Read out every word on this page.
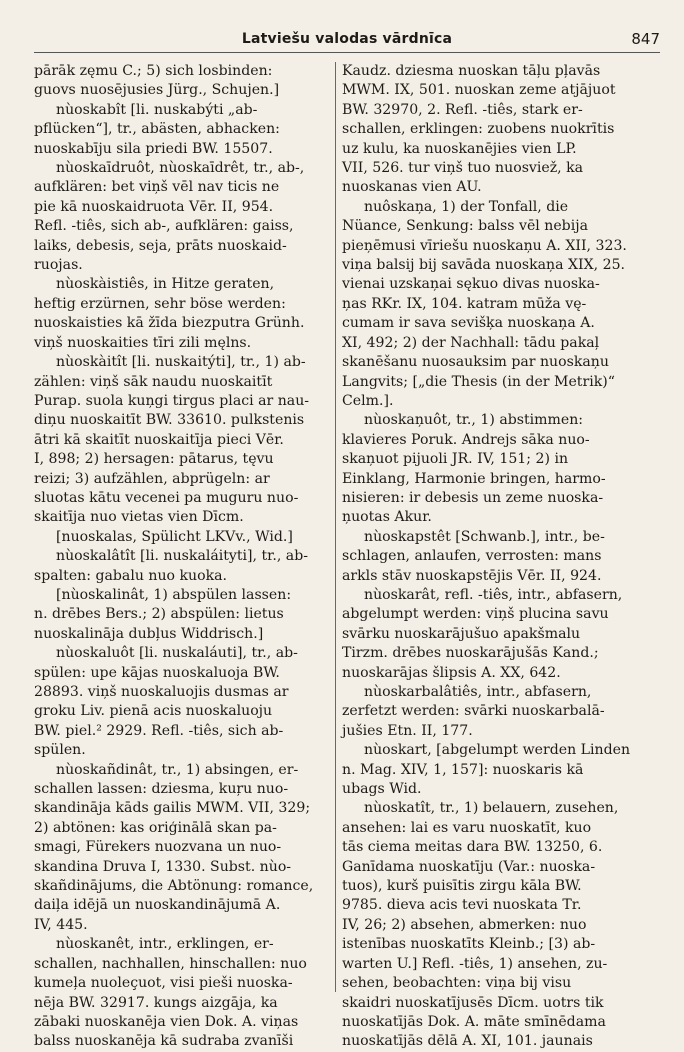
Latviešu valodas vārdnīca	847
pārāk zęmu C.; 5) sich losbinden:
guovs nuosējusies Jürg., Schujen.]
nùoskabît [li. nuskabýti „ab-
pflücken“], tr., abästen, abhacken:
nuoskabīju sila priedi BW. 15507.
nùoskaīdruôt, nùoskaīdrêt, tr., ab-,
aufklären: bet viņš vēl nav ticis ne
pie kā nuoskaidruota Vēr. II, 954.
Refl. -tiês, sich ab-, aufklären: gaiss,
laiks, debesis, seja, prāts nuoskaid-
ruojas.
nùoskàistiês, in Hitze geraten,
heftig erzürnen, sehr böse werden:
nuoskaisties kā žīda biezputra Grünh.
viņš nuoskaities tīri zili męlns.
nùoskàitît [li. nuskaitýti], tr., 1) ab-
zählen: viņš sāk naudu nuoskaitīt
Purap. suola kuņgi tirgus placi ar nau-
diņu nuoskaitīt BW. 33610. pulkstenis
ātri kā skaitīt nuoskaitīja pieci Vēr.
I, 898; 2) hersagen: pātarus, tęvu
reizi; 3) aufzählen, abprügeln: ar
sluotas kātu vecenei pa muguru nuo-
skaitīja nuo vietas vien Dīcm.
[nuoskalas, Spülicht LKVv., Wid.]
nùoskalâtît [li. nuskaláityti], tr., ab-
spalten: gabalu nuo kuoka.
[nùoskalinât, 1) abspülen lassen:
n. drēbes Bers.; 2) abspülen: lietus
nuoskalināja dubļus Widdrisch.]
nùoskaluôt [li. nuskaláuti], tr., ab-
spülen: upe kājas nuoskaluoja BW.
28893. viņš nuoskaluojis dusmas ar
groku Liv. pienā acis nuoskaluoju
BW. piel.² 2929. Refl. -tiês, sich ab-
spülen.
nùoskañdinât, tr., 1) absingen, er-
schallen lassen: dziesma, kuŗu nuo-
skandināja kāds gailis MWM. VII, 329;
2) abtönen: kas oriģinālā skan pa-
smagi, Fürekers nuozvana un nuo-
skandina Druva I, 1330. Subst. nùo-
skañdinājums, die Abtönung: romance,
daiļa idējā un nuoskandinājumā A.
IV, 445.
nùoskanêt, intr., erklingen, er-
schallen, nachhallen, hinschallen: nuo
kumeļa nuoleçuot, visi pieši nuoska-
nēja BW. 32917. kungs aizgāja, ka
zābaki nuoskanēja vien Dok. A. viņas
balss nuoskanēja kā sudraba zvanīši
Kaudz. dziesma nuoskan tāļu pļavās
MWM. IX, 501. nuoskan zeme atjājuot
BW. 32970, 2. Refl. -tiês, stark er-
schallen, erklingen: zuobens nuokrītis
uz kulu, ka nuoskanējies vien LP.
VII, 526. tur viņš tuo nuosviež, ka
nuoskanas vien AU.
nuôskaņa, 1) der Tonfall, die
Nüance, Senkung: balss vēl nebija
pieņēmusi vīriešu nuoskaņu A. XII, 323.
viņa balsij bij savāda nuoskaņa XIX, 25.
vienai uzskaņai sękuo divas nuoska-
ņas RKr. IX, 104. katram mūža vę-
cumam ir sava sevišķa nuoskaņa A.
XI, 492; 2) der Nachhall: tādu pakaļ
skanēšanu nuosauksim par nuoskaņu
Langvits; [„die Thesis (in der Metrik)“
Celm.].
nùoskaņuôt, tr., 1) abstimmen:
klavieres Poruk. Andrejs sāka nuo-
skaņuot pijuoli JR. IV, 151; 2) in
Einklang, Harmonie bringen, harmo-
nisieren: ir debesis un zeme nuoska-
ņuotas Akur.
nùoskapstêt [Schwanb.], intr., be-
schlagen, anlaufen, verrosten: mans
arkls stāv nuoskapstējis Vēr. II, 924.
nùoskarât, refl. -tiês, intr., abfasern,
abgelumpt werden: viņš plucina savu
svārku nuoskarājušuo apakšmalu
Tirzm. drēbes nuoskarājušās Kand.;
nuoskarājas šlipsis A. XX, 642.
nùoskarbalâtiês, intr., abfasern,
zerfetzt werden: svārki nuoskarbalā-
jušies Etn. II, 177.
nùoskart, [abgelumpt werden Linden
n. Mag. XIV, 1, 157]: nuoskaris kā
ubags Wid.
nùoskatît, tr., 1) belauern, zusehen,
ansehen: lai es varu nuoskatīt, kuo
tās ciema meitas dara BW. 13250, 6.
Ganīdama nuoskatīju (Var.: nuoska-
tuos), kurš puisītis zirgu kāla BW.
9785. dieva acis tevi nuoskata Tr.
IV, 26; 2) absehen, abmerken: nuo
istenības nuoskatīts Kleinb.; [3) ab-
warten U.] Refl. -tiês, 1) ansehen, zu-
sehen, beobachten: viņa bij visu
skaidri nuoskatījusēs Dīcm. uotrs tik
nuoskatījās Dok. A. māte smīnēdama
nuoskatījās dēlā A. XI, 101. jaunais
